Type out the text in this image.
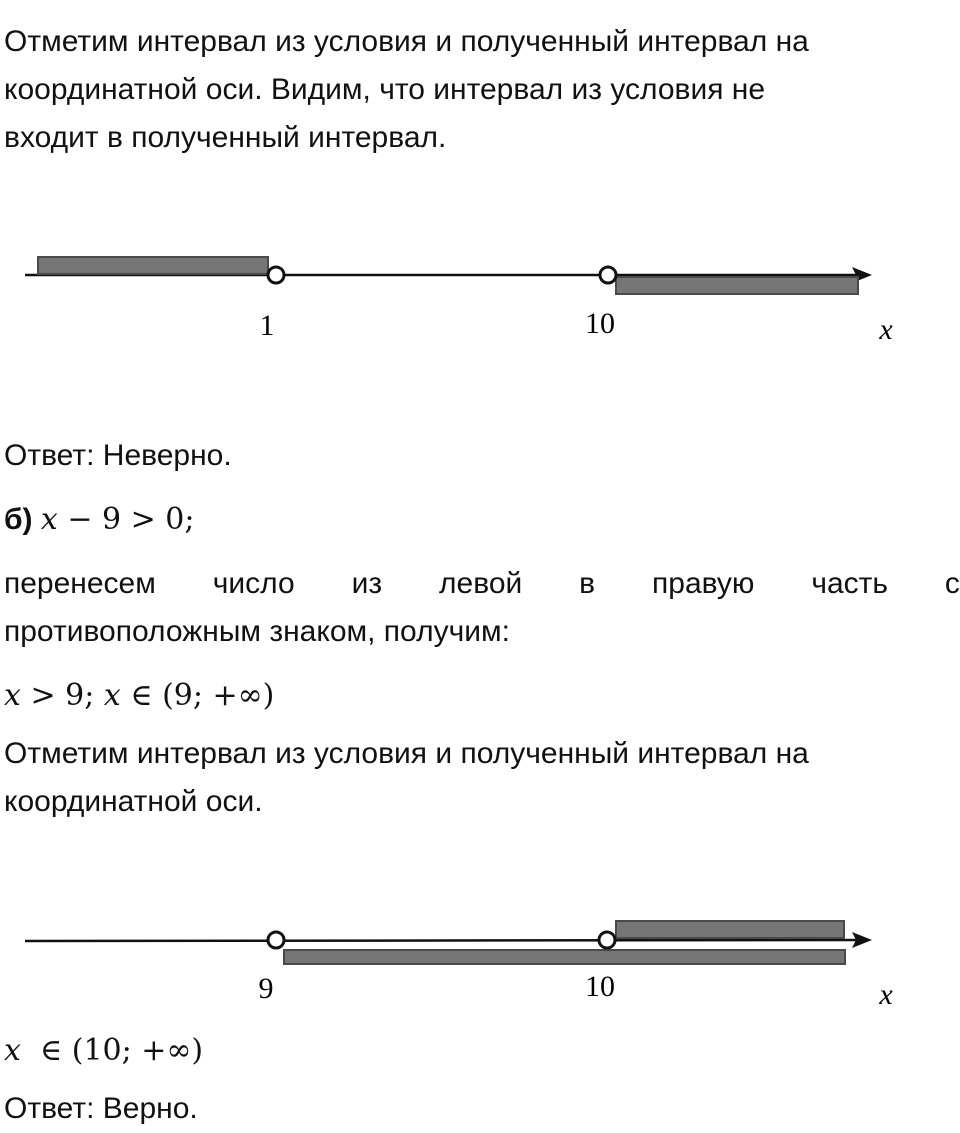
Отметим интервал из условия и полученный интервал на
координатной оси. Видим, что интервал из условия не
входит в полученный интервал.
1	10	x
Ответ: Неверно.
б) x − 9 > 0;
перенесем число из левой в правую часть с
противоположным знаком, получим:
x > 9; x ∈ (9; +∞)
Отметим интервал из условия и полученный интервал на
координатной оси.
9	10	x
x  ∈ (10; +∞)
Ответ: Верно.
